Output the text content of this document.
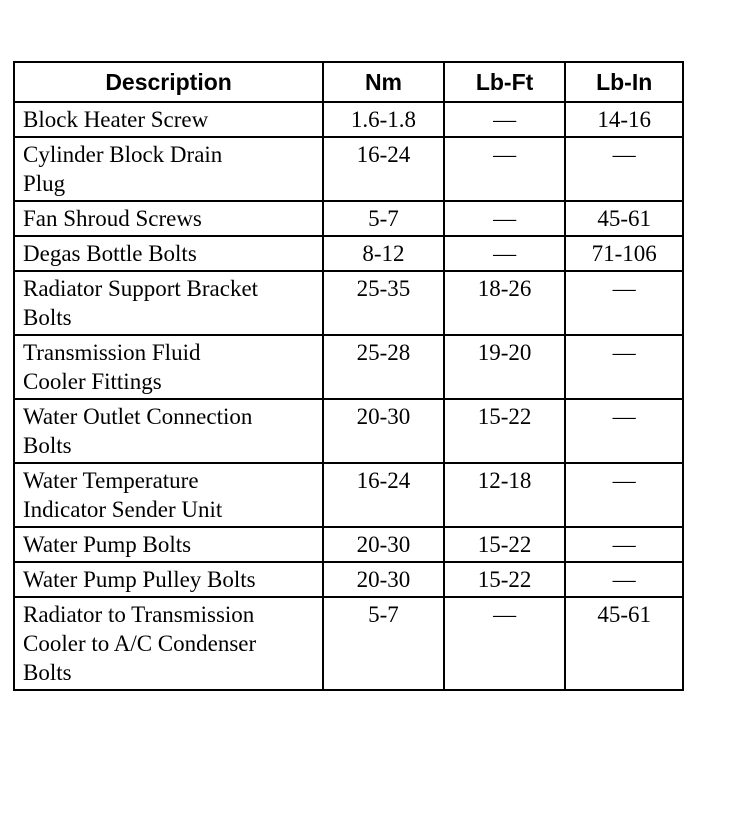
Description	Nm	Lb-Ft	Lb-In

Block Heater Screw	1.6-1.8	—	14-16

Cylinder Block Drain
Plug	16-24	—	—

Fan Shroud Screws	5-7	—	45-61

Degas Bottle Bolts	8-12	—	71-106

Radiator Support Bracket
Bolts	25-35	18-26	—

Transmission Fluid
Cooler Fittings	25-28	19-20	—

Water Outlet Connection
Bolts	20-30	15-22	—

Water Temperature
Indicator Sender Unit	16-24	12-18	—

Water Pump Bolts	20-30	15-22	—

Water Pump Pulley Bolts	20-30	15-22	—

Radiator to Transmission
Cooler to A/C Condenser
Bolts	5-7	—	45-61
